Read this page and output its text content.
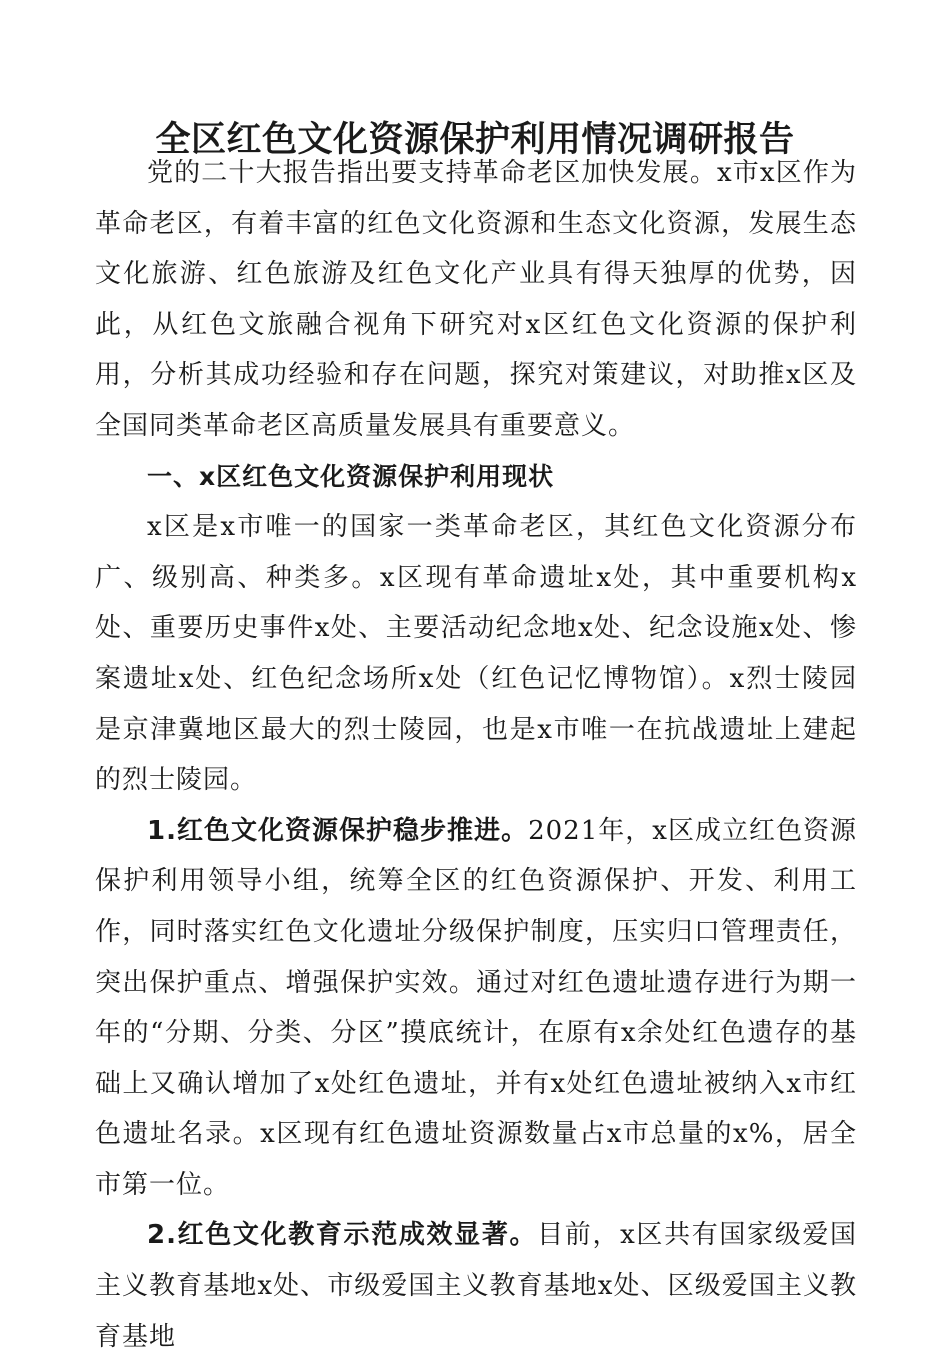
全区红色文化资源保护利用情况调研报告

党的二十大报告指出要支持革命老区加快发展。x市x区作为革命老区，有着丰富的红色文化资源和生态文化资源，发展生态文化旅游、红色旅游及红色文化产业具有得天独厚的优势，因此，从红色文旅融合视角下研究对x区红色文化资源的保护利用，分析其成功经验和存在问题，探究对策建议，对助推x区及全国同类革命老区高质量发展具有重要意义。

一、x区红色文化资源保护利用现状

x区是x市唯一的国家一类革命老区，其红色文化资源分布广、级别高、种类多。x区现有革命遗址x处，其中重要机构x处、重要历史事件x处、主要活动纪念地x处、纪念设施x处、惨案遗址x处、红色纪念场所x处（红色记忆博物馆）。x烈士陵园是京津冀地区最大的烈士陵园，也是x市唯一在抗战遗址上建起的烈士陵园。

1.红色文化资源保护稳步推进。2021年，x区成立红色资源保护利用领导小组，统筹全区的红色资源保护、开发、利用工作，同时落实红色文化遗址分级保护制度，压实归口管理责任，突出保护重点、增强保护实效。通过对红色遗址遗存进行为期一年的“分期、分类、分区”摸底统计，在原有x余处红色遗存的基础上又确认增加了x处红色遗址，并有x处红色遗址被纳入x市红色遗址名录。x区现有红色遗址资源数量占x市总量的x%，居全市第一位。

2.红色文化教育示范成效显著。目前，x区共有国家级爱国主义教育基地x处、市级爱国主义教育基地x处、区级爱国主义教育基地
